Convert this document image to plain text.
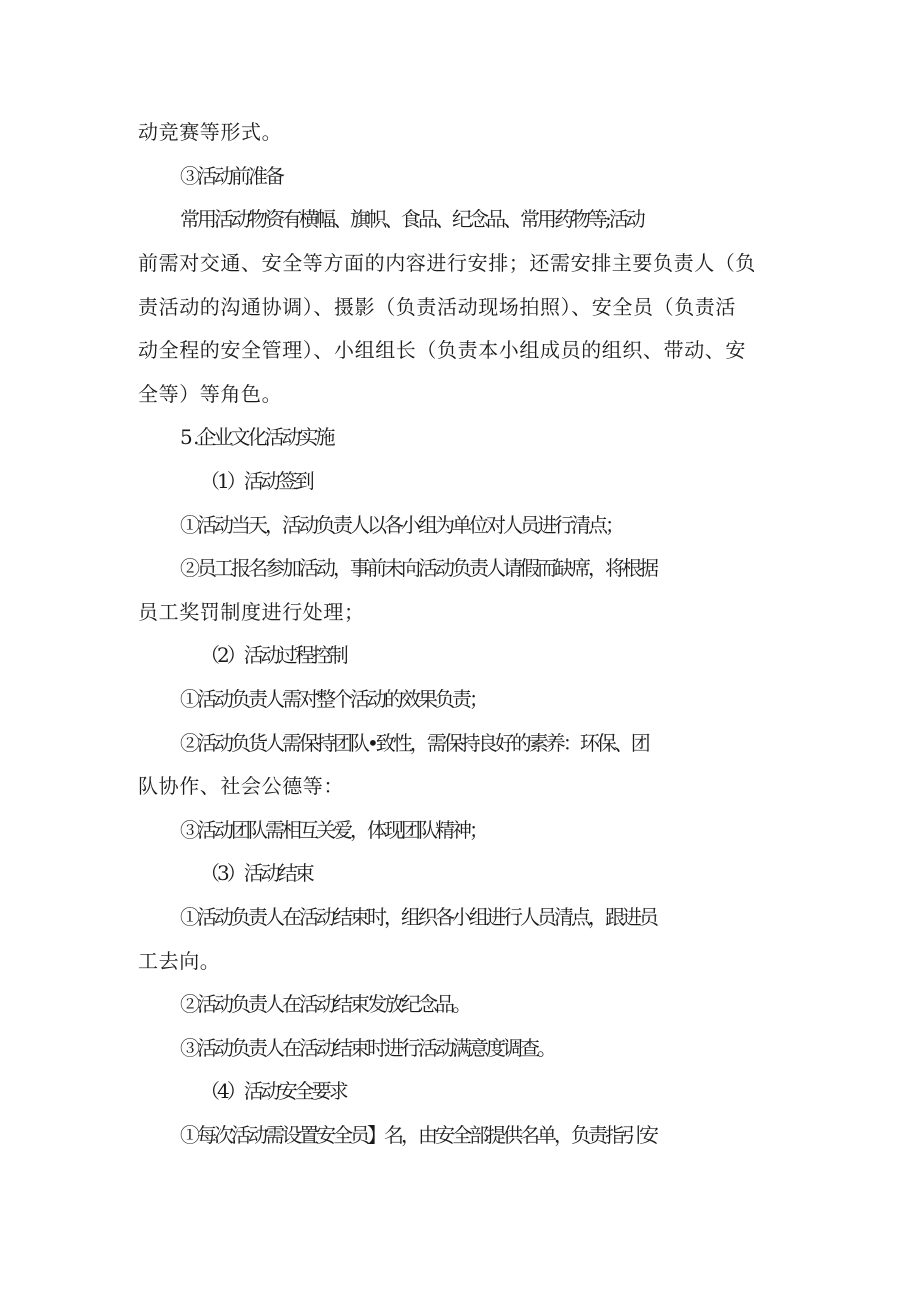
动竞赛等形式。
③活动前准备
常用活动物资有横幅、旗帜、食品、纪念品、常用药物等;活动
前需对交通、安全等方面的内容进行安排；还需安排主要负责人（负
责活动的沟通协调）、摄影（负责活动现场拍照）、安全员（负责活
动全程的安全管理）、小组组长（负责本小组成员的组织、带动、安
全等）等角色。
5 .企业文化活动实施
（1）活动签到
①活动当天，活动负责人以各小组为单位对人员进行清点；
②员工报名参加活动，事前未向活动负责人请假而缺席，将根据
员工奖罚制度进行处理；
（2）活动过程控制
①活动负责人需对整个活动的效果负责；
②活动负货人需保持团队•致性，需保持良好的素养：环保、团
队协作、社会公德等：
③活动团队需相互关爱，体现团队精神；
（3）活动结束
①活动负责人在活动结束时，组织各小组进行人员清点，跟进员
工去向。
②活动负责人在活动结束发放纪念品。
③活动负责人在活动结束时进行活动满意度调查。
（4）活动安全要求
①每次活动需设置安全员】名，由安全部提供名单，负责指引安
